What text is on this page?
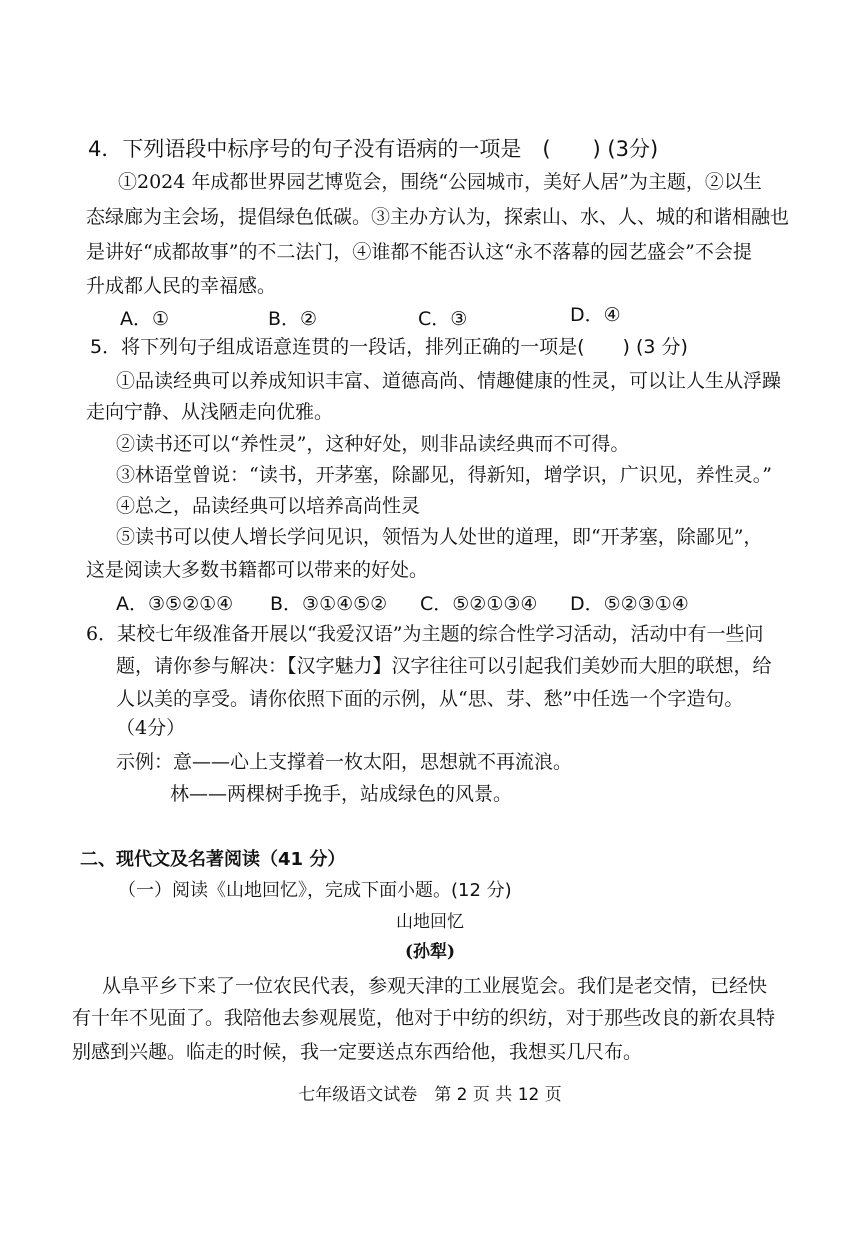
4．下列语段中标序号的句子没有语病的一项是　(　　) (3分)
①2024 年成都世界园艺博览会，围绕“公园城市，美好人居”为主题，②以生
态绿廊为主会场，提倡绿色低碳。③主办方认为，探索山、水、人、城的和谐相融也
是讲好“成都故事”的不二法门，④谁都不能否认这“永不落幕的园艺盛会”不会提
升成都人民的幸福感。
A．①	B．②	C．③	D．④
5．将下列句子组成语意连贯的一段话，排列正确的一项是(　　) (3 分)
①品读经典可以养成知识丰富、道德高尚、情趣健康的性灵，可以让人生从浮躁
走向宁静、从浅陋走向优雅。
②读书还可以“养性灵”，这种好处，则非品读经典而不可得。
③林语堂曾说：“读书，开茅塞，除鄙见，得新知，增学识，广识见，养性灵。”
④总之，品读经典可以培养高尚性灵
⑤读书可以使人增长学问见识，领悟为人处世的道理，即“开茅塞，除鄙见”，
这是阅读大多数书籍都可以带来的好处。
A．③⑤②①④ B．③①④⑤② C．⑤②①③④ D．⑤②③①④
6．某校七年级准备开展以“我爱汉语”为主题的综合性学习活动，活动中有一些问
题，请你参与解决：【汉字魅力】汉字往往可以引起我们美妙而大胆的联想，给
人以美的享受。请你依照下面的示例，从“思、芽、愁”中任选一个字造句。
（4分）
示例：意——心上支撑着一枚太阳，思想就不再流浪。
林——两棵树手挽手，站成绿色的风景。
二、现代文及名著阅读（41 分）
（一）阅读《山地回忆》，完成下面小题。(12 分)
山地回忆
(孙犁)
从阜平乡下来了一位农民代表，参观天津的工业展览会。我们是老交情，已经快
有十年不见面了。我陪他去参观展览，他对于中纺的织纺，对于那些改良的新农具特
别感到兴趣。临走的时候，我一定要送点东西给他，我想买几尺布。
七年级语文试卷　第 2 页 共 12 页
